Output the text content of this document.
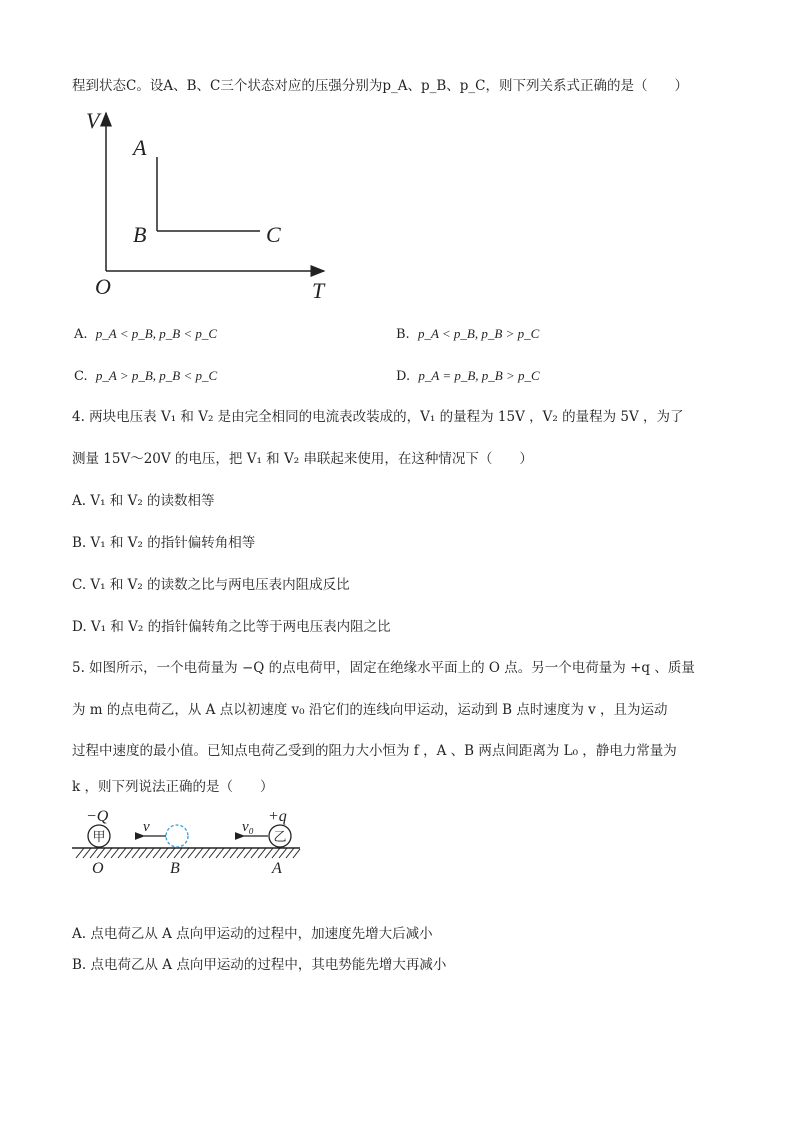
程到状态C。设A、B、C三个状态对应的压强分别为p_A、p_B、p_C，则下列关系式正确的是（　　）
V
T
O
A
B	C
A. p_A < p_B, p_B < p_C	B. p_A < p_B, p_B > p_C
C. p_A > p_B, p_B < p_C	D. p_A = p_B, p_B > p_C
4. 两块电压表 V₁ 和 V₂ 是由完全相同的电流表改装成的，V₁ 的量程为 15V ，V₂ 的量程为 5V ，为了
测量 15V～20V 的电压，把 V₁ 和 V₂ 串联起来使用，在这种情况下（　　）
A. V₁ 和 V₂ 的读数相等
B. V₁ 和 V₂ 的指针偏转角相等
C. V₁ 和 V₂ 的读数之比与两电压表内阻成反比
D. V₁ 和 V₂ 的指针偏转角之比等于两电压表内阻之比
5. 如图所示，一个电荷量为 −Q 的点电荷甲，固定在绝缘水平面上的 O 点。另一个电荷量为 +q 、质量
为 m 的点电荷乙，从 A 点以初速度 v₀ 沿它们的连线向甲运动，运动到 B 点时速度为 v ，且为运动
过程中速度的最小值。已知点电荷乙受到的阻力大小恒为 f ，A 、B 两点间距离为 L₀ ，静电力常量为
k ，则下列说法正确的是（　　）
甲
−Q
v
乙
+q
v₀
O	B	A
A. 点电荷乙从 A 点向甲运动的过程中，加速度先增大后减小
B. 点电荷乙从 A 点向甲运动的过程中，其电势能先增大再减小
